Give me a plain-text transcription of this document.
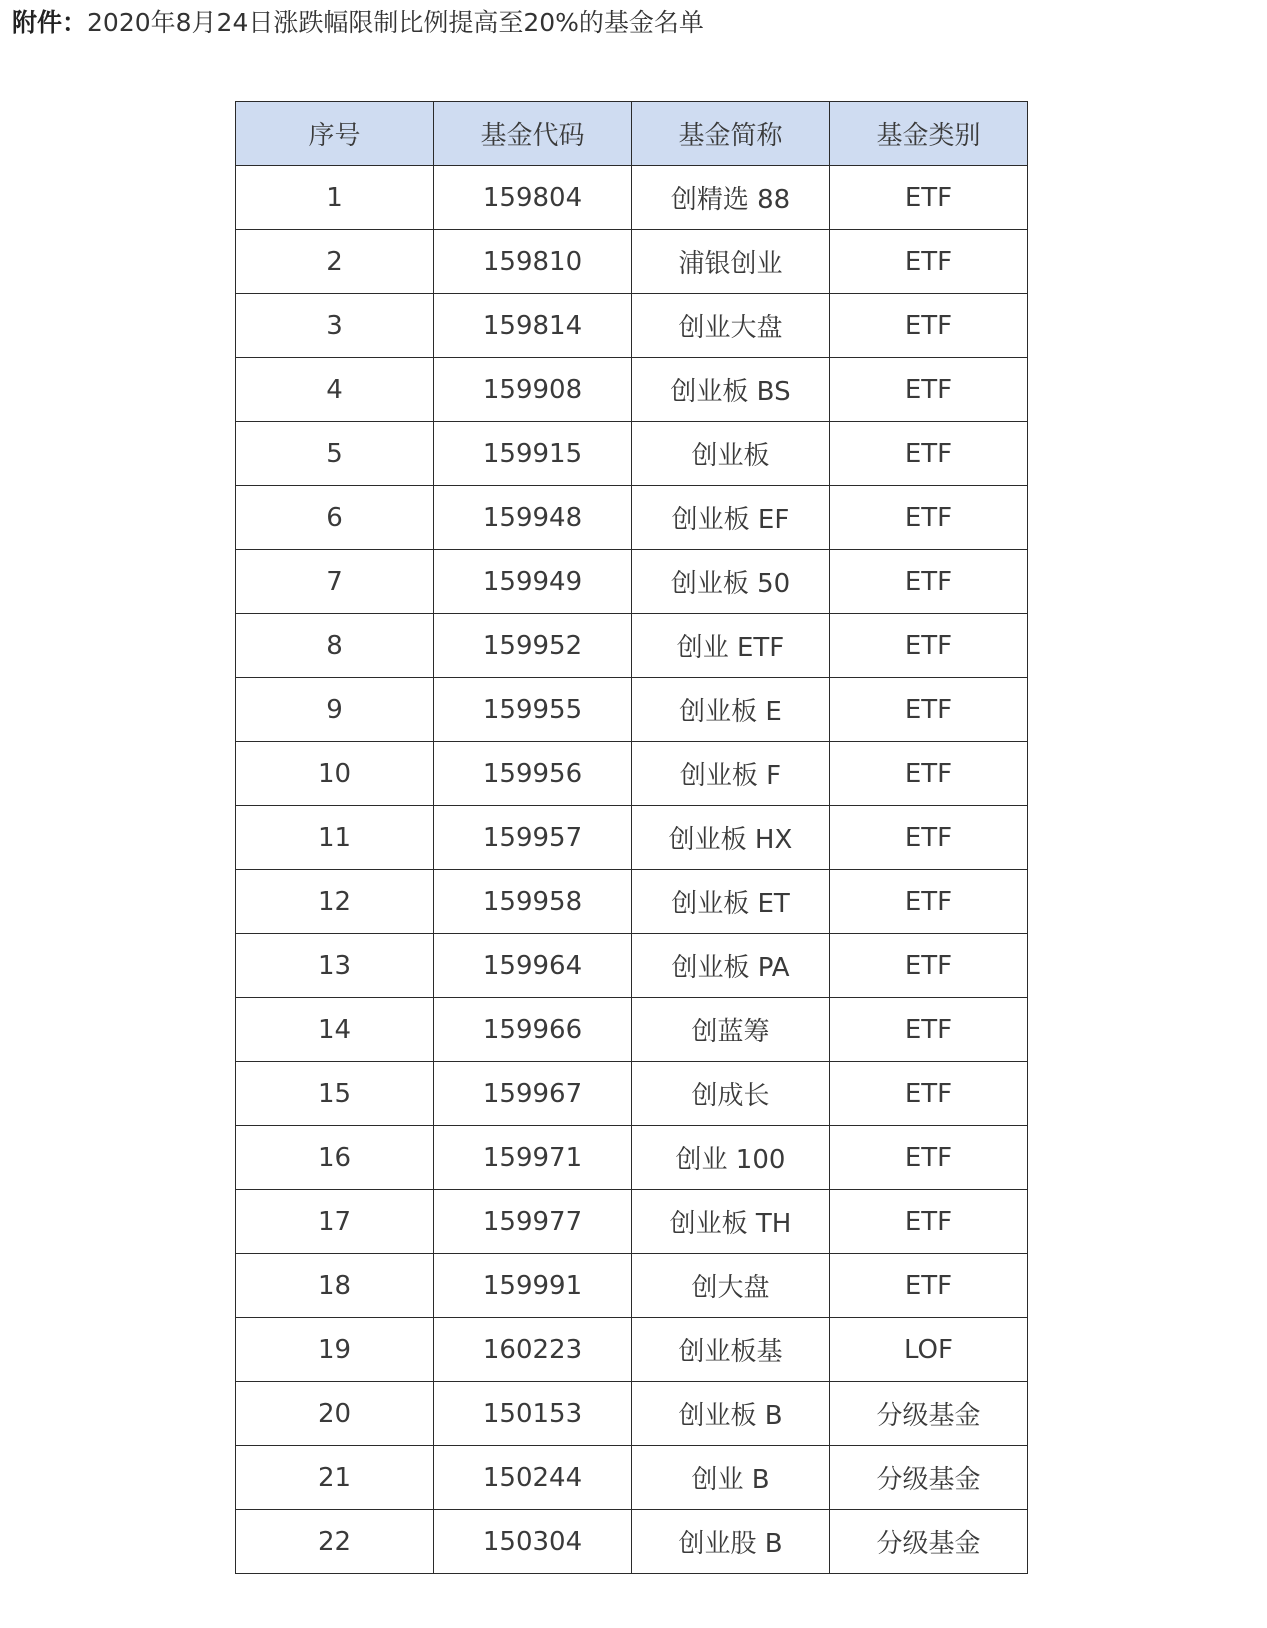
附件：2020年8月24日涨跌幅限制比例提高至20%的基金名单
序号	基金代码	基金简称	基金类别
1	159804	创精选 88	ETF
2	159810	浦银创业	ETF
3	159814	创业大盘	ETF
4	159908	创业板 BS	ETF
5	159915	创业板	ETF
6	159948	创业板 EF	ETF
7	159949	创业板 50	ETF
8	159952	创业 ETF	ETF
9	159955	创业板 E	ETF
10	159956	创业板 F	ETF
11	159957	创业板 HX	ETF
12	159958	创业板 ET	ETF
13	159964	创业板 PA	ETF
14	159966	创蓝筹	ETF
15	159967	创成长	ETF
16	159971	创业 100	ETF
17	159977	创业板 TH	ETF
18	159991	创大盘	ETF
19	160223	创业板基	LOF
20	150153	创业板 B	分级基金
21	150244	创业 B	分级基金
22	150304	创业股 B	分级基金
